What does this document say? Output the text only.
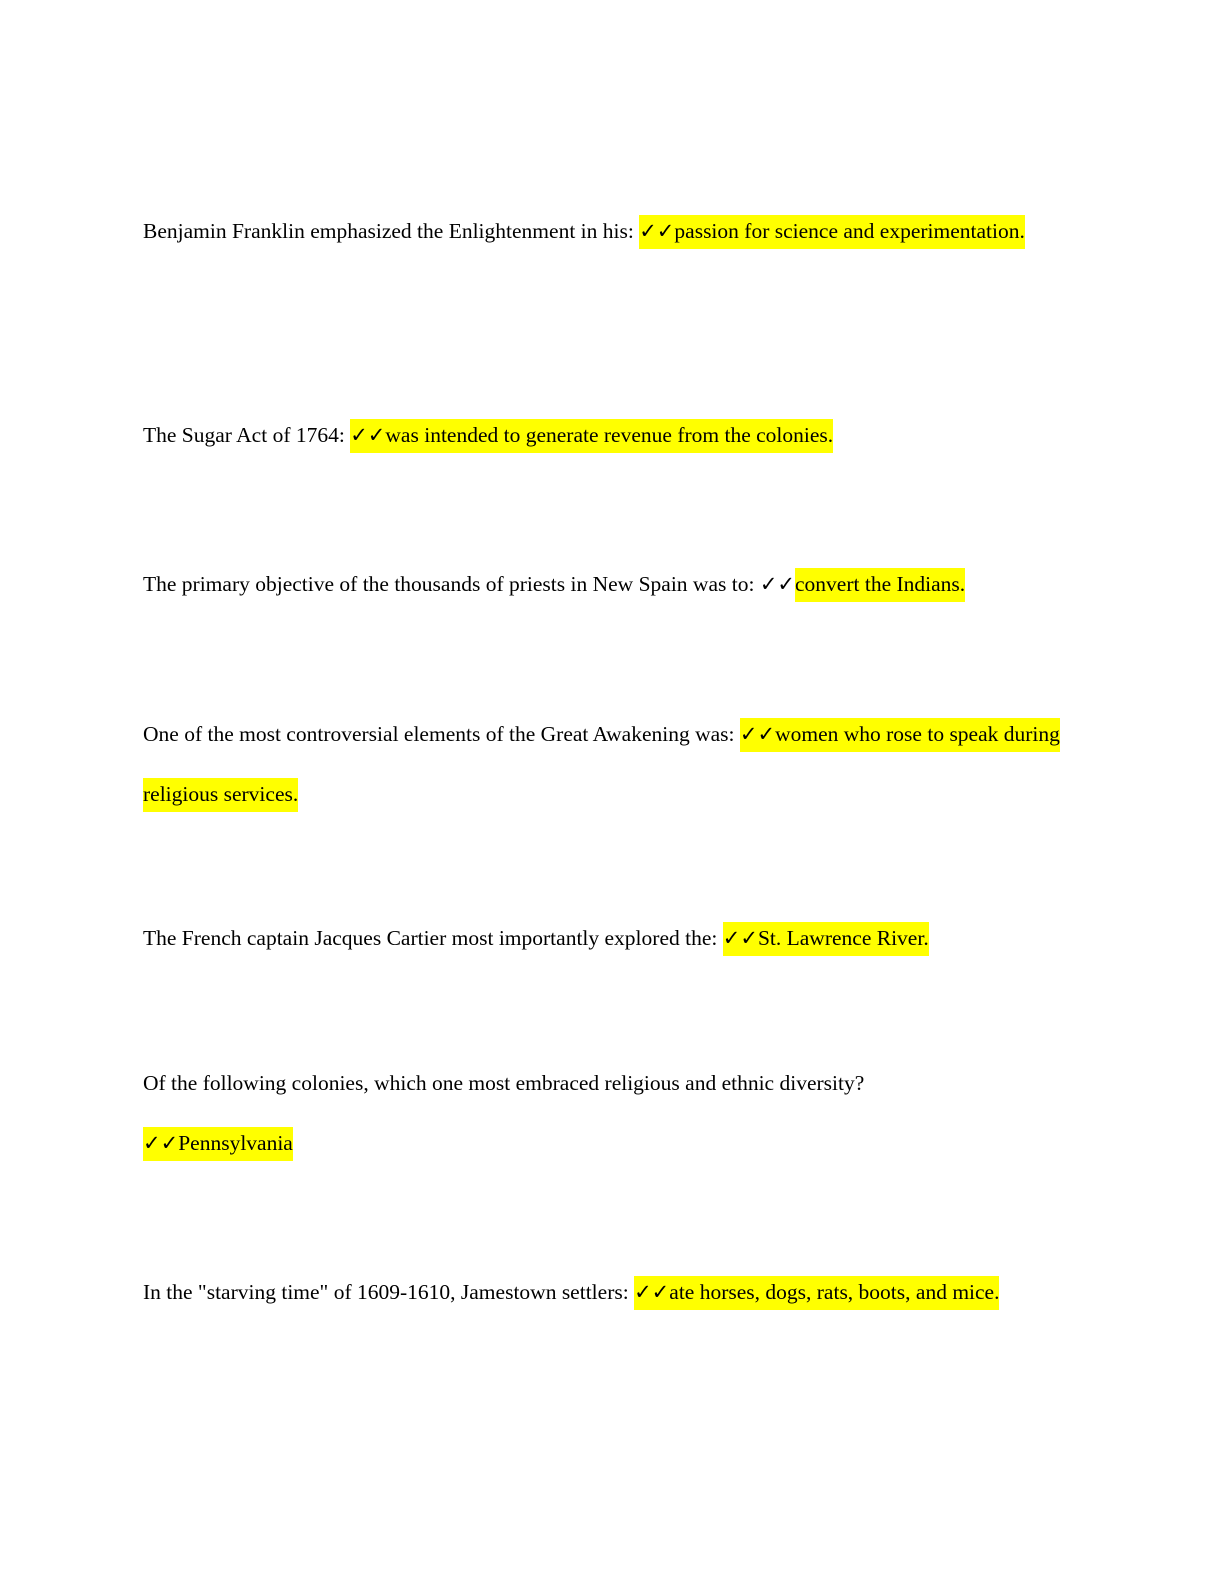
Benjamin Franklin emphasized the Enlightenment in his: ✓✓passion for science and experimentation.

The Sugar Act of 1764: ✓✓was intended to generate revenue from the colonies.

The primary objective of the thousands of priests in New Spain was to: ✓✓convert the Indians.

One of the most controversial elements of the Great Awakening was: ✓✓women who rose to speak during religious services.

The French captain Jacques Cartier most importantly explored the: ✓✓St. Lawrence River.

Of the following colonies, which one most embraced religious and ethnic diversity?
✓✓Pennsylvania

In the "starving time" of 1609-1610, Jamestown settlers: ✓✓ate horses, dogs, rats, boots, and mice.
